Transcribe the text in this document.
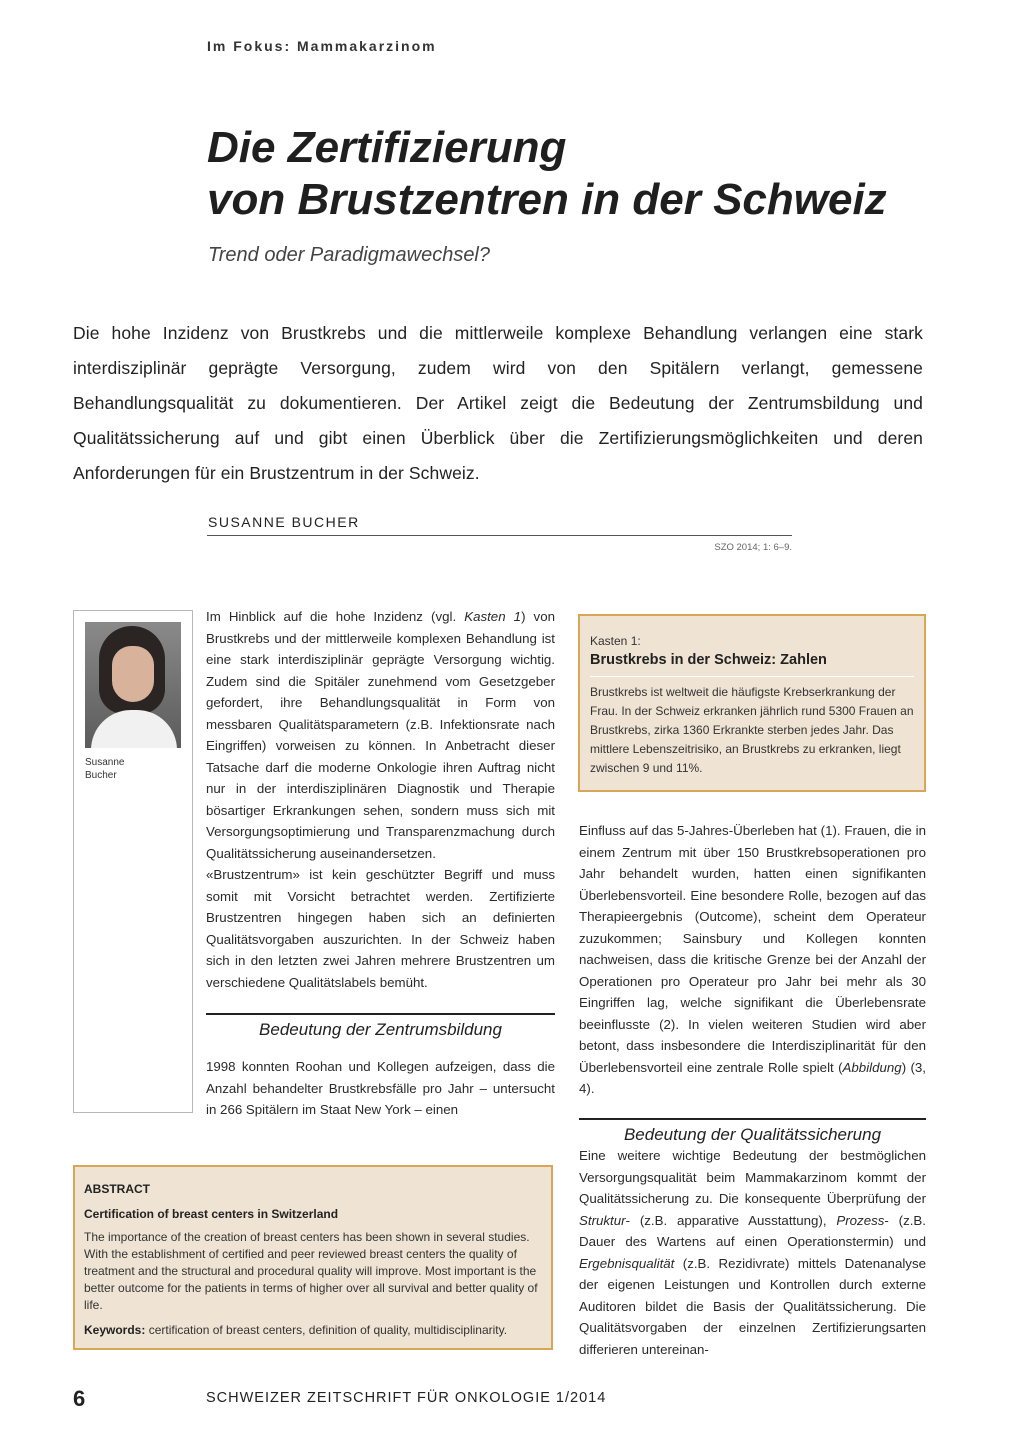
Im Fokus: Mammakarzinom
Die Zertifizierung
von Brustzentren in der Schweiz
Trend oder Paradigmawechsel?

Die hohe Inzidenz von Brustkrebs und die mittlerweile komplexe Behandlung verlangen eine stark interdisziplinär geprägte Versorgung, zudem wird von den Spitälern verlangt, gemessene Behandlungsqualität zu dokumentieren. Der Artikel zeigt die Bedeutung der Zentrumsbildung und Qualitätssicherung auf und gibt einen Überblick über die Zertifizierungsmöglichkeiten und deren Anforderungen für ein Brustzentrum in der Schweiz.

SUSANNE BUCHER
SZO 2014; 1: 6–9.
Susanne
Bucher

Im Hinblick auf die hohe Inzidenz (vgl. Kasten 1) von Brustkrebs und der mittlerweile komplexen Behandlung ist eine stark interdisziplinär geprägte Versorgung wichtig. Zudem sind die Spitäler zunehmend vom Gesetzgeber gefordert, ihre Behandlungsqualität in Form von messbaren Qualitätsparametern (z.B. Infektionsrate nach Eingriffen) vorweisen zu können. In Anbetracht dieser Tatsache darf die moderne Onkologie ihren Auftrag nicht nur in der interdisziplinären Diagnostik und Therapie bösartiger Erkrankungen sehen, sondern muss sich mit Versorgungsoptimierung und Transparenzmachung durch Qualitätssicherung auseinandersetzen.

«Brustzentrum» ist kein geschützter Begriff und muss somit mit Vorsicht betrachtet werden. Zertifizierte Brustzentren hingegen haben sich an definierten Qualitätsvorgaben auszurichten. In der Schweiz haben sich in den letzten zwei Jahren mehrere Brustzentren um verschiedene Qualitätslabels bemüht.

Bedeutung der Zentrumsbildung

1998 konnten Roohan und Kollegen aufzeigen, dass die Anzahl behandelter Brustkrebsfälle pro Jahr – untersucht in 266 Spitälern im Staat New York – einen

Kasten 1:
Brustkrebs in der Schweiz: Zahlen

Brustkrebs ist weltweit die häufigste Krebserkrankung der Frau. In der Schweiz erkranken jährlich rund 5300 Frauen an Brustkrebs, zirka 1360 Erkrankte sterben jedes Jahr. Das mittlere Lebenszeitrisiko, an Brustkrebs zu erkranken, liegt zwischen 9 und 11%.

Einfluss auf das 5-Jahres-Überleben hat (1). Frauen, die in einem Zentrum mit über 150 Brustkrebsoperationen pro Jahr behandelt wurden, hatten einen signifikanten Überlebensvorteil. Eine besondere Rolle, bezogen auf das Therapieergebnis (Outcome), scheint dem Operateur zuzukommen; Sainsbury und Kollegen konnten nachweisen, dass die kritische Grenze bei der Anzahl der Operationen pro Operateur pro Jahr bei mehr als 30 Eingriffen lag, welche signifikant die Überlebensrate beeinflusste (2). In vielen weiteren Studien wird aber betont, dass insbesondere die Interdisziplinarität für den Überlebensvorteil eine zentrale Rolle spielt (Abbildung) (3, 4).

Bedeutung der Qualitätssicherung

Eine weitere wichtige Bedeutung der bestmöglichen Versorgungsqualität beim Mammakarzinom kommt der Qualitätssicherung zu. Die konsequente Überprüfung der Struktur- (z.B. apparative Ausstattung), Prozess- (z.B. Dauer des Wartens auf einen Operationstermin) und Ergebnisqualität (z.B. Rezidivrate) mittels Datenanalyse der eigenen Leistungen und Kontrollen durch externe Auditoren bildet die Basis der Qualitätssicherung. Die Qualitätsvorgaben der einzelnen Zertifizierungsarten differieren untereinan-

ABSTRACT
Certification of breast centers in Switzerland

The importance of the creation of breast centers has been shown in several studies. With the establishment of certified and peer reviewed breast centers the quality of treatment and the structural and procedural quality will improve. Most important is the better outcome for the patients in terms of higher over all survival and better quality of life.

Keywords: certification of breast centers, definition of quality, multidisciplinarity.

6	SCHWEIZER ZEITSCHRIFT FÜR ONKOLOGIE 1/2014
